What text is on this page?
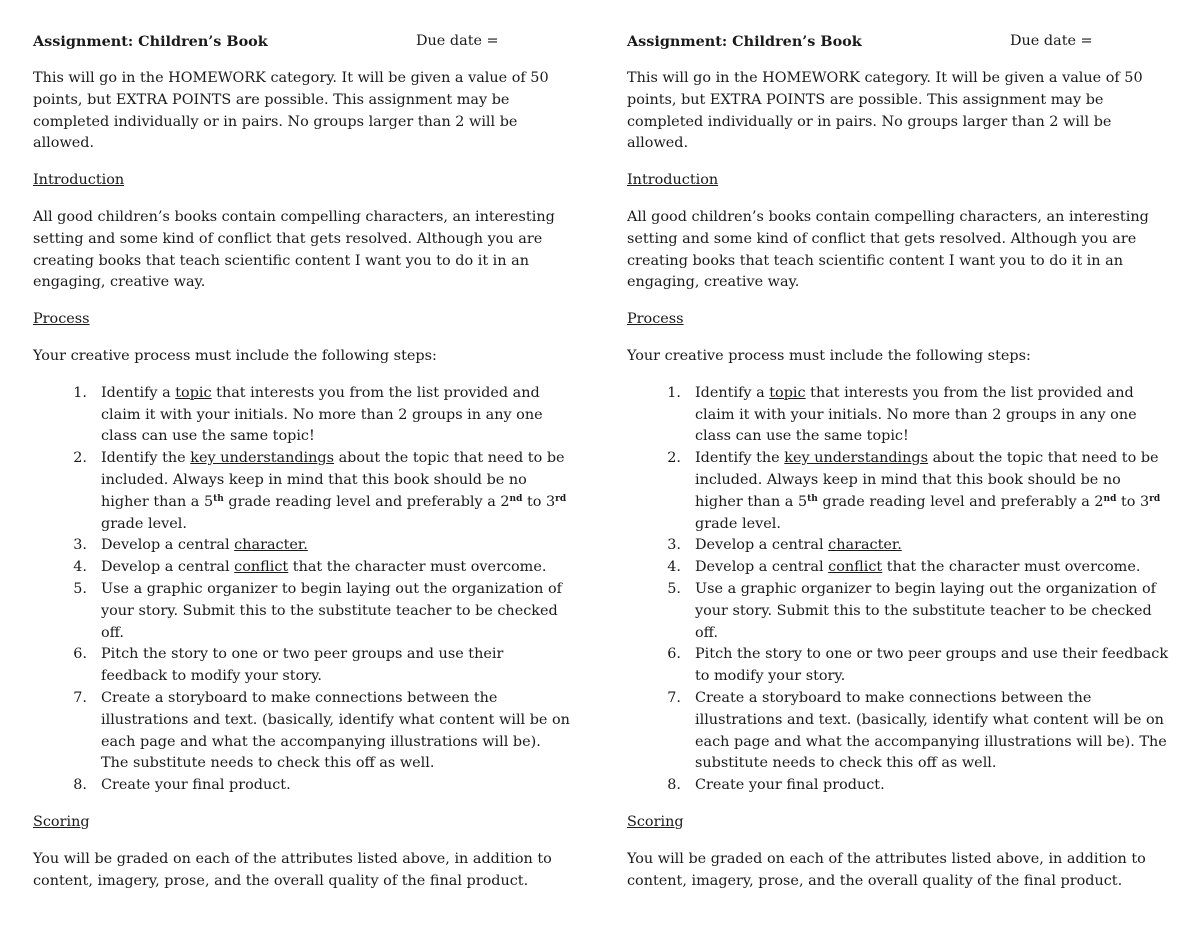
Assignment: Children’s Book	Due date =

This will go in the HOMEWORK category. It will be given a value of 50 points, but EXTRA POINTS are possible. This assignment may be completed individually or in pairs. No groups larger than 2 will be allowed.

Introduction

All good children’s books contain compelling characters, an interesting setting and some kind of conflict that gets resolved. Although you are creating books that teach scientific content I want you to do it in an engaging, creative way.

Process

Your creative process must include the following steps:

1. Identify a topic that interests you from the list provided and claim it with your initials. No more than 2 groups in any one class can use the same topic!
2. Identify the key understandings about the topic that need to be included. Always keep in mind that this book should be no higher than a 5th grade reading level and preferably a 2nd to 3rd grade level.
3. Develop a central character.
4. Develop a central conflict that the character must overcome.
5. Use a graphic organizer to begin laying out the organization of your story. Submit this to the substitute teacher to be checked off.
6. Pitch the story to one or two peer groups and use their feedback to modify your story.
7. Create a storyboard to make connections between the illustrations and text. (basically, identify what content will be on each page and what the accompanying illustrations will be). The substitute needs to check this off as well.
8. Create your final product.

Scoring

You will be graded on each of the attributes listed above, in addition to content, imagery, prose, and the overall quality of the final product.

Assignment: Children’s Book	Due date =

This will go in the HOMEWORK category. It will be given a value of 50 points, but EXTRA POINTS are possible. This assignment may be completed individually or in pairs. No groups larger than 2 will be allowed.

Introduction

All good children’s books contain compelling characters, an interesting setting and some kind of conflict that gets resolved. Although you are creating books that teach scientific content I want you to do it in an engaging, creative way.

Process

Your creative process must include the following steps:

1. Identify a topic that interests you from the list provided and claim it with your initials. No more than 2 groups in any one class can use the same topic!
2. Identify the key understandings about the topic that need to be included. Always keep in mind that this book should be no higher than a 5th grade reading level and preferably a 2nd to 3rd grade level.
3. Develop a central character.
4. Develop a central conflict that the character must overcome.
5. Use a graphic organizer to begin laying out the organization of your story. Submit this to the substitute teacher to be checked off.
6. Pitch the story to one or two peer groups and use their feedback to modify your story.
7. Create a storyboard to make connections between the illustrations and text. (basically, identify what content will be on each page and what the accompanying illustrations will be). The substitute needs to check this off as well.
8. Create your final product.

Scoring

You will be graded on each of the attributes listed above, in addition to content, imagery, prose, and the overall quality of the final product.
